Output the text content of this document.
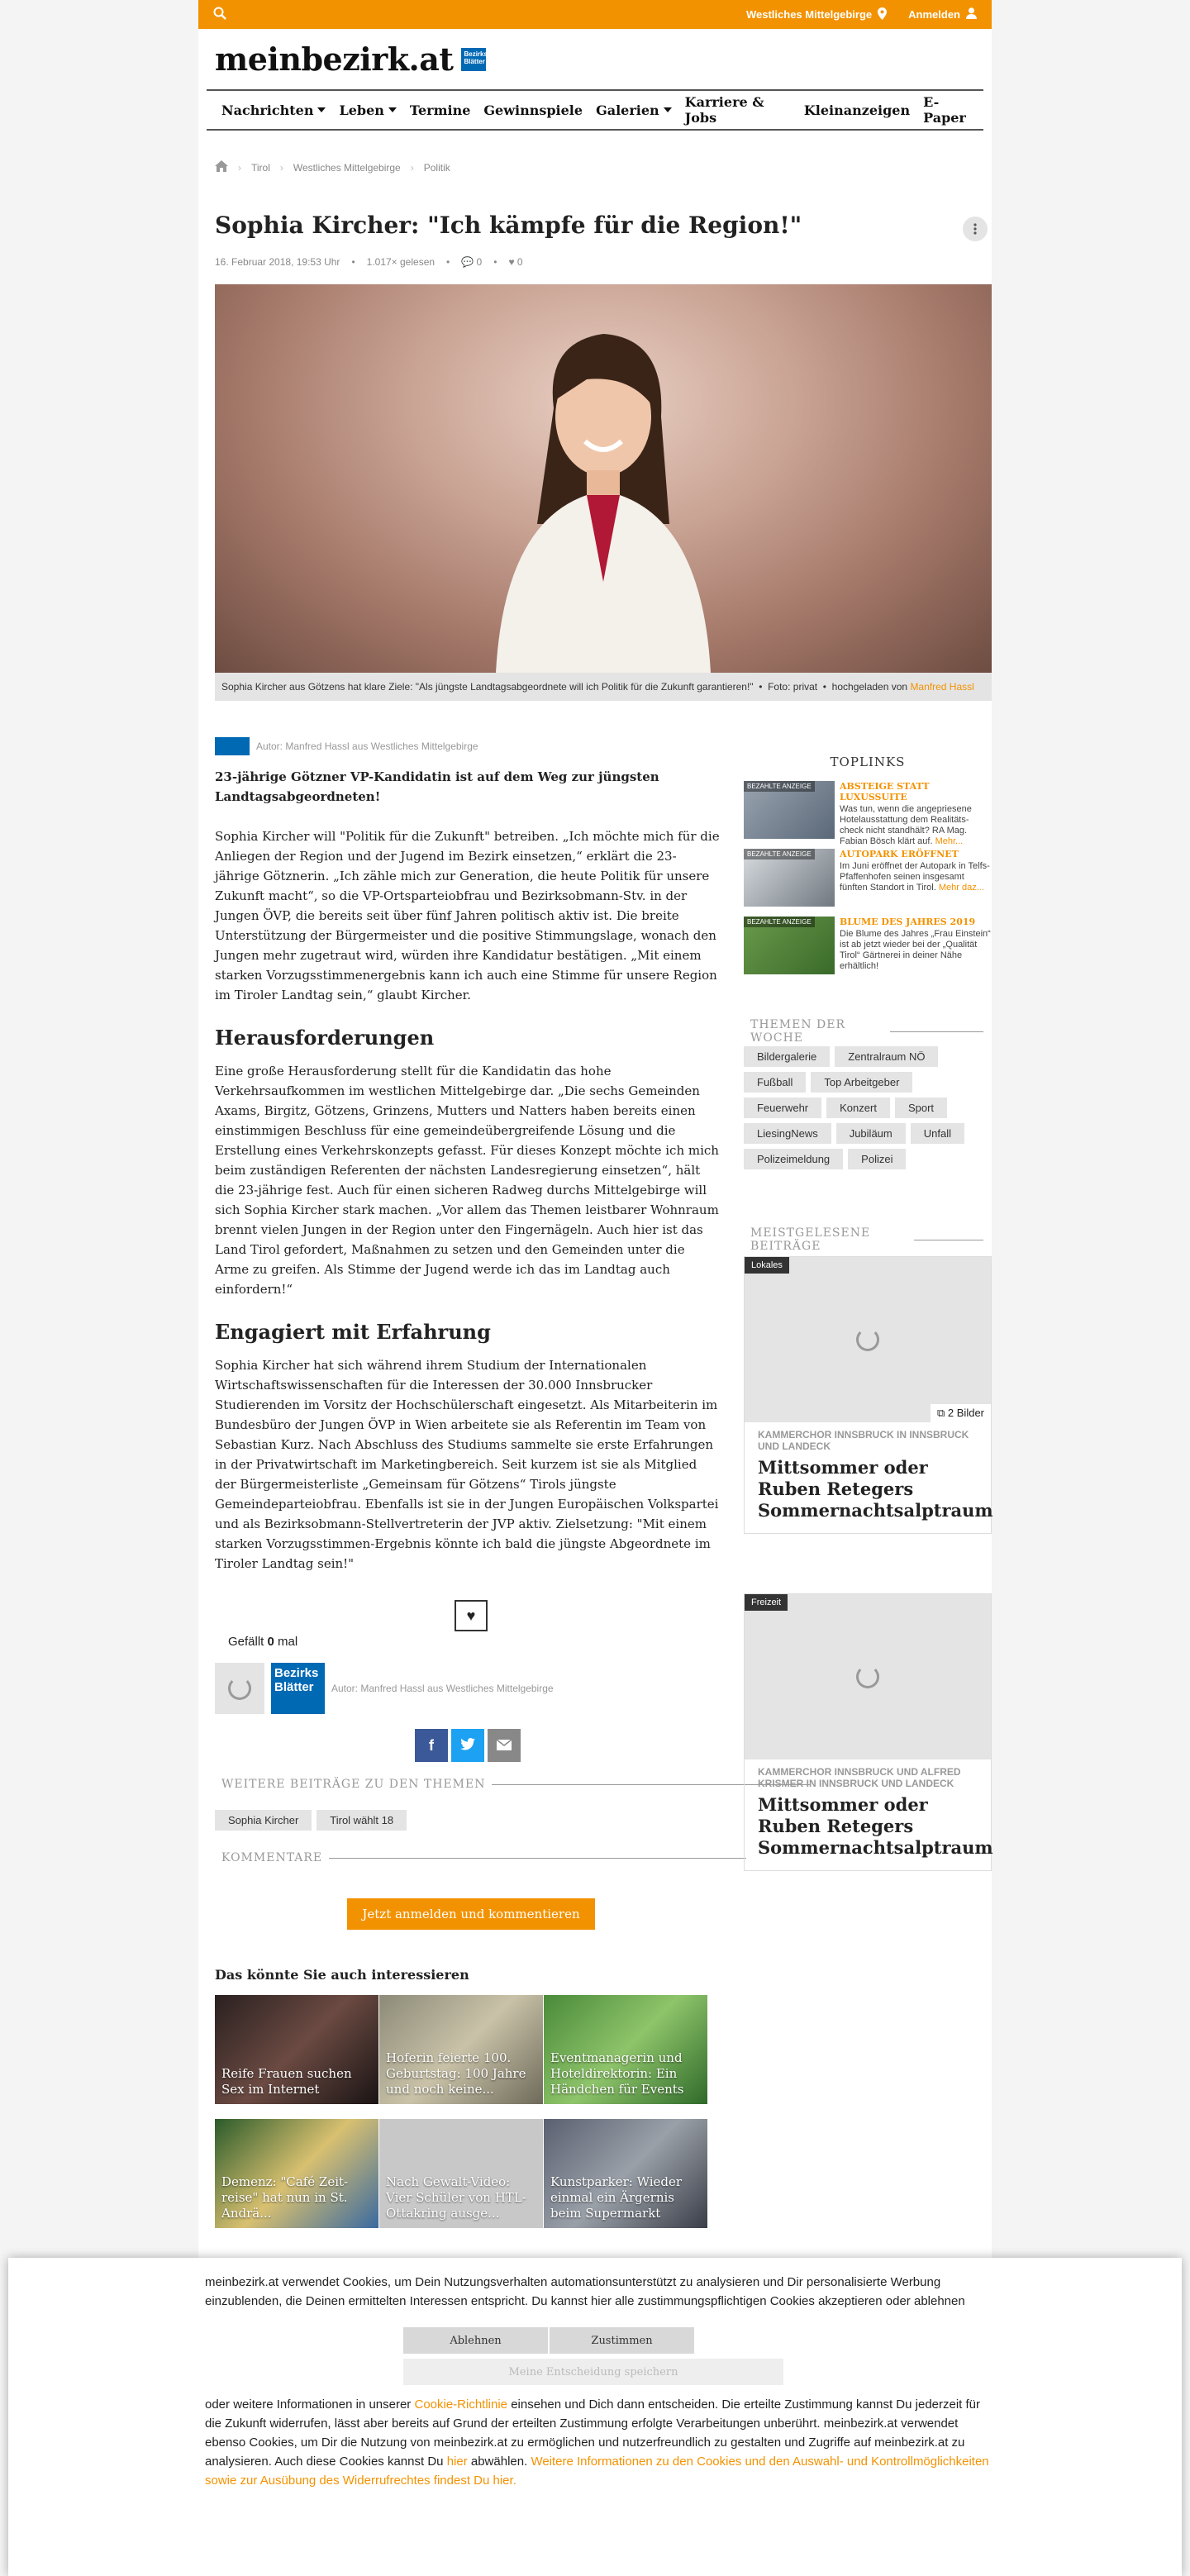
Westliches Mittelgebirge	Anmelden
meinbezirk.at	Bezirks Blätter
Nachrichten Leben Termine Gewinnspiele Galerien Karriere & Jobs	Kleinanzeigen E-Paper
› Tirol › Westliches Mittelgebirge › Politik
Sophia Kircher: "Ich kämpfe für die Region!"
16. Februar 2018, 19:53 Uhr • 1.017× gelesen • 💬 0 • ♥ 0
Sophia Kircher aus Götzens hat klare Ziele: "Als jüngste Landtagsabgeordnete will ich Politik für die Zukunft garantieren!"  •  Foto: privat  •  hochgeladen von Manfred Hassl
Autor: Manfred Hassl aus Westliches Mittelgebirge

23-jährige Götzner VP-Kandidatin ist auf dem Weg zur jüngsten Landtagsabgeordneten!

Sophia Kircher will "Politik für die Zukunft" betreiben. „Ich möchte mich für die Anliegen der Region und der Jugend im Bezirk einsetzen,“ erklärt die 23-jährige Götznerin. „Ich zähle mich zur Generation, die heute Politik für unsere Zukunft macht“, so die VP-Ortsparteiobfrau und Bezirksobmann-Stv. in der Jungen ÖVP, die bereits seit über fünf Jahren politisch aktiv ist. Die breite Unterstützung der Bürgermeister und die positive Stimmungslage, wonach den Jungen mehr zugetraut wird, würden ihre Kandidatur bestätigen. „Mit einem starken Vorzugsstimmenergebnis kann ich auch eine Stimme für unsere Region im Tiroler Landtag sein,“ glaubt Kircher.

Herausforderungen

Eine große Herausforderung stellt für die Kandidatin das hohe Verkehrsaufkommen im westlichen Mittelgebirge dar. „Die sechs Gemeinden Axams, Birgitz, Götzens, Grinzens, Mutters und Natters haben bereits einen einstimmigen Beschluss für eine gemeindeübergreifende Lösung und die Erstellung eines Verkehrskonzepts gefasst. Für dieses Konzept möchte ich mich beim zuständigen Referenten der nächsten Landesregierung einsetzen“, hält die 23-jährige fest. Auch für einen sicheren Radweg durchs Mittelgebirge will sich Sophia Kircher stark machen. „Vor allem das Themen leistbarer Wohnraum brennt vielen Jungen in der Region unter den Fingernägeln. Auch hier ist das Land Tirol gefordert, Maßnahmen zu setzen und den Gemeinden unter die Arme zu greifen. Als Stimme der Jugend werde ich das im Landtag auch einfordern!“

Engagiert mit Erfahrung

Sophia Kircher hat sich während ihrem Studium der Internationalen Wirtschaftswissenschaften für die Interessen der 30.000 Innsbrucker Studierenden im Vorsitz der Hochschülerschaft eingesetzt. Als Mitarbeiterin im Bundesbüro der Jungen ÖVP in Wien arbeitete sie als Referentin im Team von Sebastian Kurz. Nach Abschluss des Studiums sammelte sie erste Erfahrungen in der Privatwirtschaft im Marketingbereich. Seit kurzem ist sie als Mitglied der Bürgermeisterliste „Gemeinsam für Götzens“ Tirols jüngste Gemeindeparteiobfrau. Ebenfalls ist sie in der Jungen Europäischen Volkspartei und als Bezirksobmann-Stellvertreterin der JVP aktiv. Zielsetzung: "Mit einem starken Vorzugsstimmen-Ergebnis könnte ich bald die jüngste Abgeordnete im Tiroler Landtag sein!"

♥
Gefällt 0 mal
Bezirks Blätter	Autor: Manfred Hassl aus Westliches Mittelgebirge
f
WEITERE BEITRÄGE ZU DEN THEMEN
Sophia Kircher	Tirol wählt 18
KOMMENTARE
Jetzt anmelden und kommentieren
Das könnte Sie auch interessieren
Reife Frauen suchen Sex im Internet
Hoferin feierte 100. Geburtstag: 100 Jahre und noch keine...
Eventmanagerin und Hoteldirektorin: Ein Händchen für Events
Demenz: "Café Zeit-reise" hat nun in St. Andrä...
Nach Gewalt-Video: Vier Schüler von HTL-Ottakring ausge...
Kunstparker: Wieder einmal ein Ärgernis beim Supermarkt
TOPLINKS
BEZAHLTE ANZEIGE	ABSTEIGE STATT LUXUSSUITE
Was tun, wenn die angepriesene Hotelausstattung dem Realitäts-check nicht standhält? RA Mag. Fabian Bösch klärt auf. Mehr...
BEZAHLTE ANZEIGE	AUTOPARK ERÖFFNET
Im Juni eröffnet der Autopark in Telfs-Pfaffenhofen seinen insgesamt fünften Standort in Tirol. Mehr daz...
BEZAHLTE ANZEIGE	BLUME DES JAHRES 2019
Die Blume des Jahres „Frau Einstein“ ist ab jetzt wieder bei der „Qualität Tirol“ Gärtnerei in deiner Nähe erhältlich!
THEMEN DER WOCHE
Bildergalerie	Zentralraum NÖ
Fußball	Top Arbeitgeber
Feuerwehr	Konzert	Sport
LiesingNews	Jubiläum	Unfall
Polizeimeldung	Polizei
MEISTGELESENE BEITRÄGE
Lokales
⧉ 2 Bilder
KAMMERCHOR INNSBRUCK IN INNSBRUCK UND LANDECK
Mittsommer oder Ruben Retegers Sommernachtsalptraum
Freizeit
KAMMERCHOR INNSBRUCK UND ALFRED KRISMER IN INNSBRUCK UND LANDECK
Mittsommer oder Ruben Retegers Sommernachtsalptraum
meinbezirk.at verwendet Cookies, um Dein Nutzungsverhalten automationsunterstützt zu analysieren und Dir personalisierte Werbung einzublenden, die Deinen ermittelten Interessen entspricht. Du kannst hier alle zustimmungspflichtigen Cookies akzeptieren oder ablehnen
Ablehnen	Zustimmen
Meine Entscheidung speichern
oder weitere Informationen in unserer Cookie-Richtlinie einsehen und Dich dann entscheiden. Die erteilte Zustimmung kannst Du jederzeit für die Zukunft widerrufen, lässt aber bereits auf Grund der erteilten Zustimmung erfolgte Verarbeitungen unberührt. meinbezirk.at verwendet ebenso Cookies, um Dir die Nutzung von meinbezirk.at zu ermöglichen und nutzerfreundlich zu gestalten und Zugriffe auf meinbezirk.at zu analysieren. Auch diese Cookies kannst Du hier abwählen. Weitere Informationen zu den Cookies und den Auswahl- und Kontrollmöglichkeiten sowie zur Ausübung des Widerrufrechtes findest Du hier.
